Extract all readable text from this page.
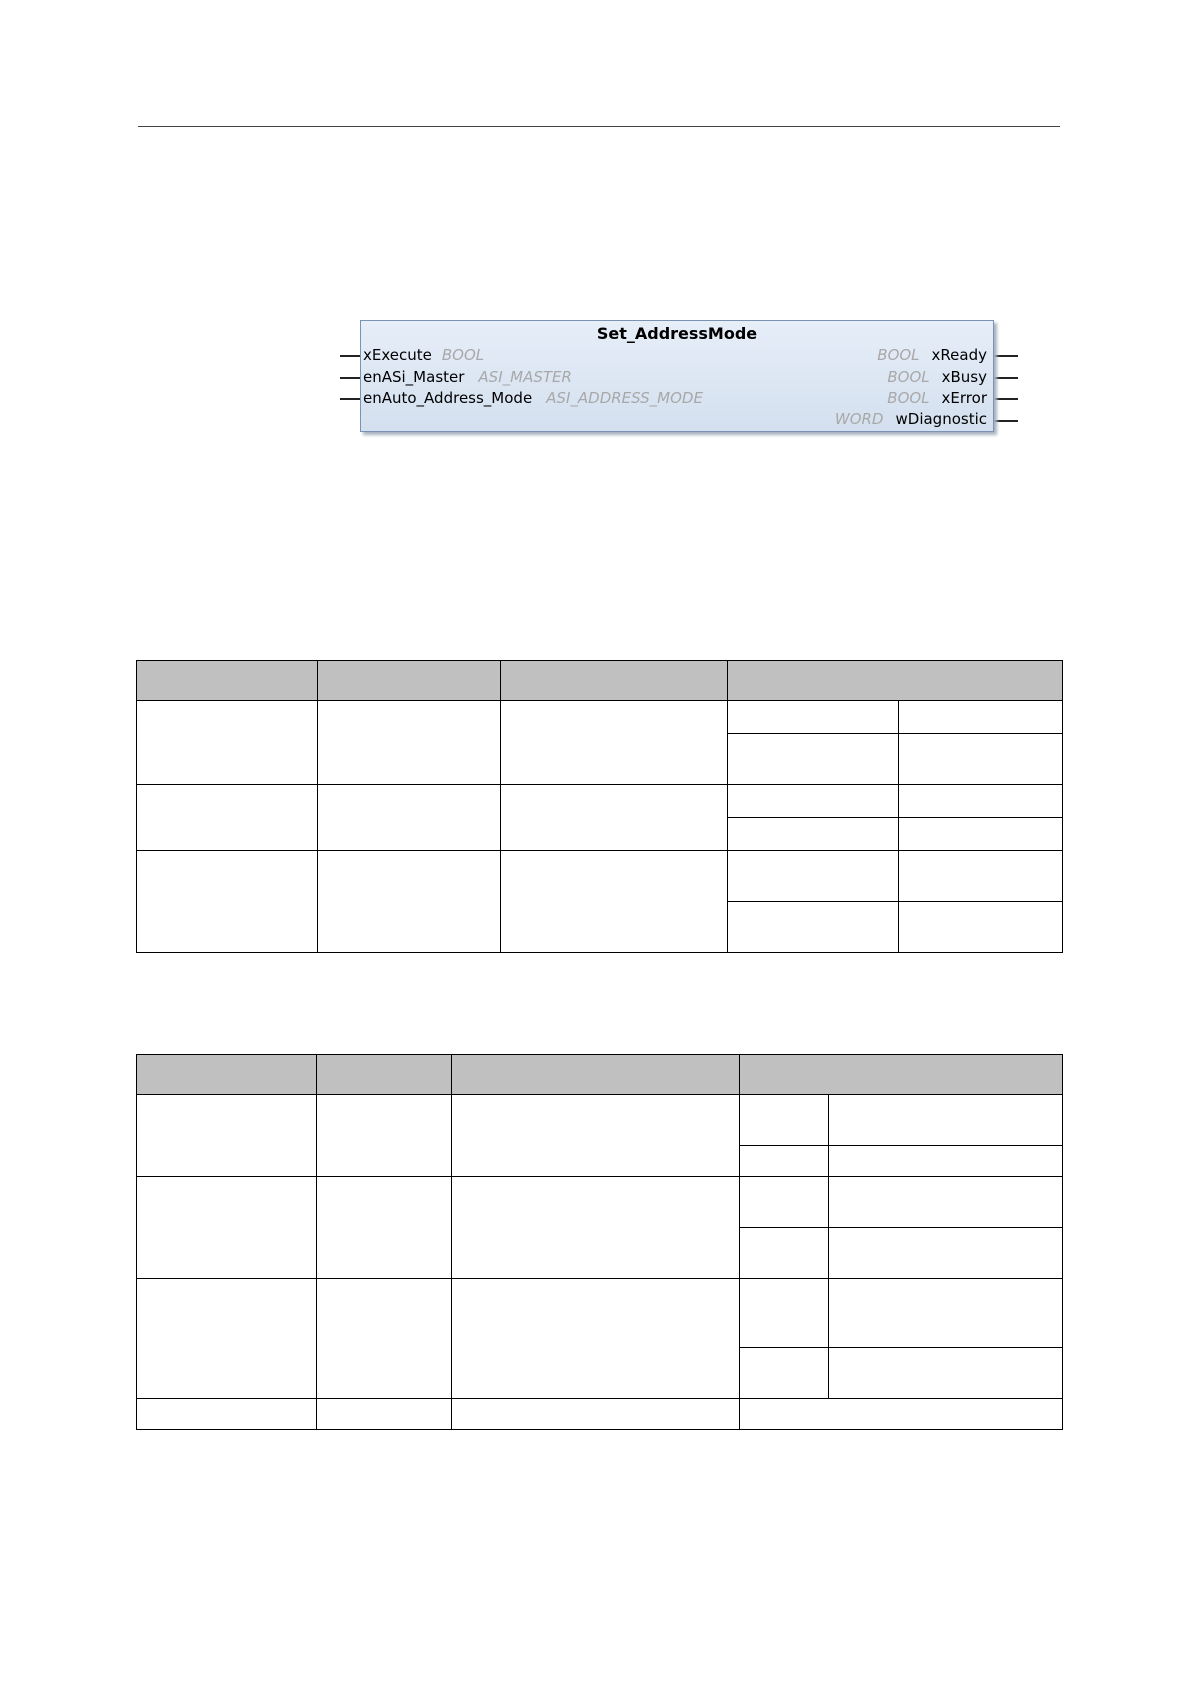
Set_AddressMode
xExecute BOOL
enASi_Master ASI_MASTER
enAuto_Address_Mode ASI_ADDRESS_MODE
BOOL xReady
BOOL xBusy
BOOL xError
WORD wDiagnostic
